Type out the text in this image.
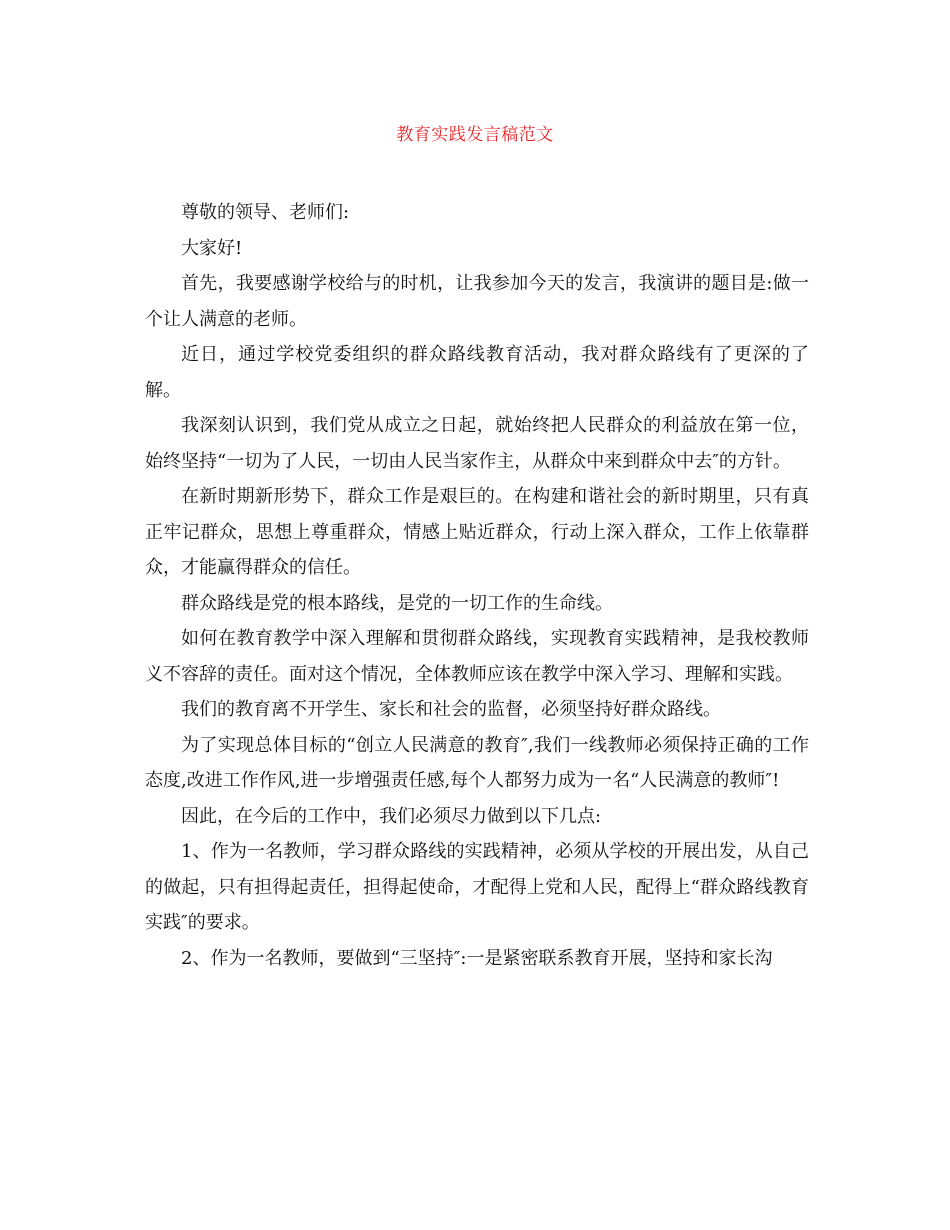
教育实践发言稿范文

尊敬的领导、老师们:

大家好!

首先，我要感谢学校给与的时机，让我参加今天的发言，我演讲的题目是:做一个让人满意的老师。

近日，通过学校党委组织的群众路线教育活动，我对群众路线有了更深的了解。

我深刻认识到，我们党从成立之日起，就始终把人民群众的利益放在第一位，始终坚持“一切为了人民，一切由人民当家作主，从群众中来到群众中去″的方针。

在新时期新形势下，群众工作是艰巨的。在构建和谐社会的新时期里，只有真正牢记群众，思想上尊重群众，情感上贴近群众，行动上深入群众，工作上依靠群众，才能赢得群众的信任。

群众路线是党的根本路线，是党的一切工作的生命线。

如何在教育教学中深入理解和贯彻群众路线，实现教育实践精神，是我校教师义不容辞的责任。面对这个情况，全体教师应该在教学中深入学习、理解和实践。

我们的教育离不开学生、家长和社会的监督，必须坚持好群众路线。

为了实现总体目标的“创立人民满意的教育″,我们一线教师必须保持正确的工作态度,改进工作作风,进一步增强责任感,每个人都努力成为一名“人民满意的教师″!

因此，在今后的工作中，我们必须尽力做到以下几点:

1、作为一名教师，学习群众路线的实践精神，必须从学校的开展出发，从自己的做起，只有担得起责任，担得起使命，才配得上党和人民，配得上“群众路线教育实践″的要求。

2、作为一名教师，要做到“三坚持″:一是紧密联系教育开展，坚持和家长沟
